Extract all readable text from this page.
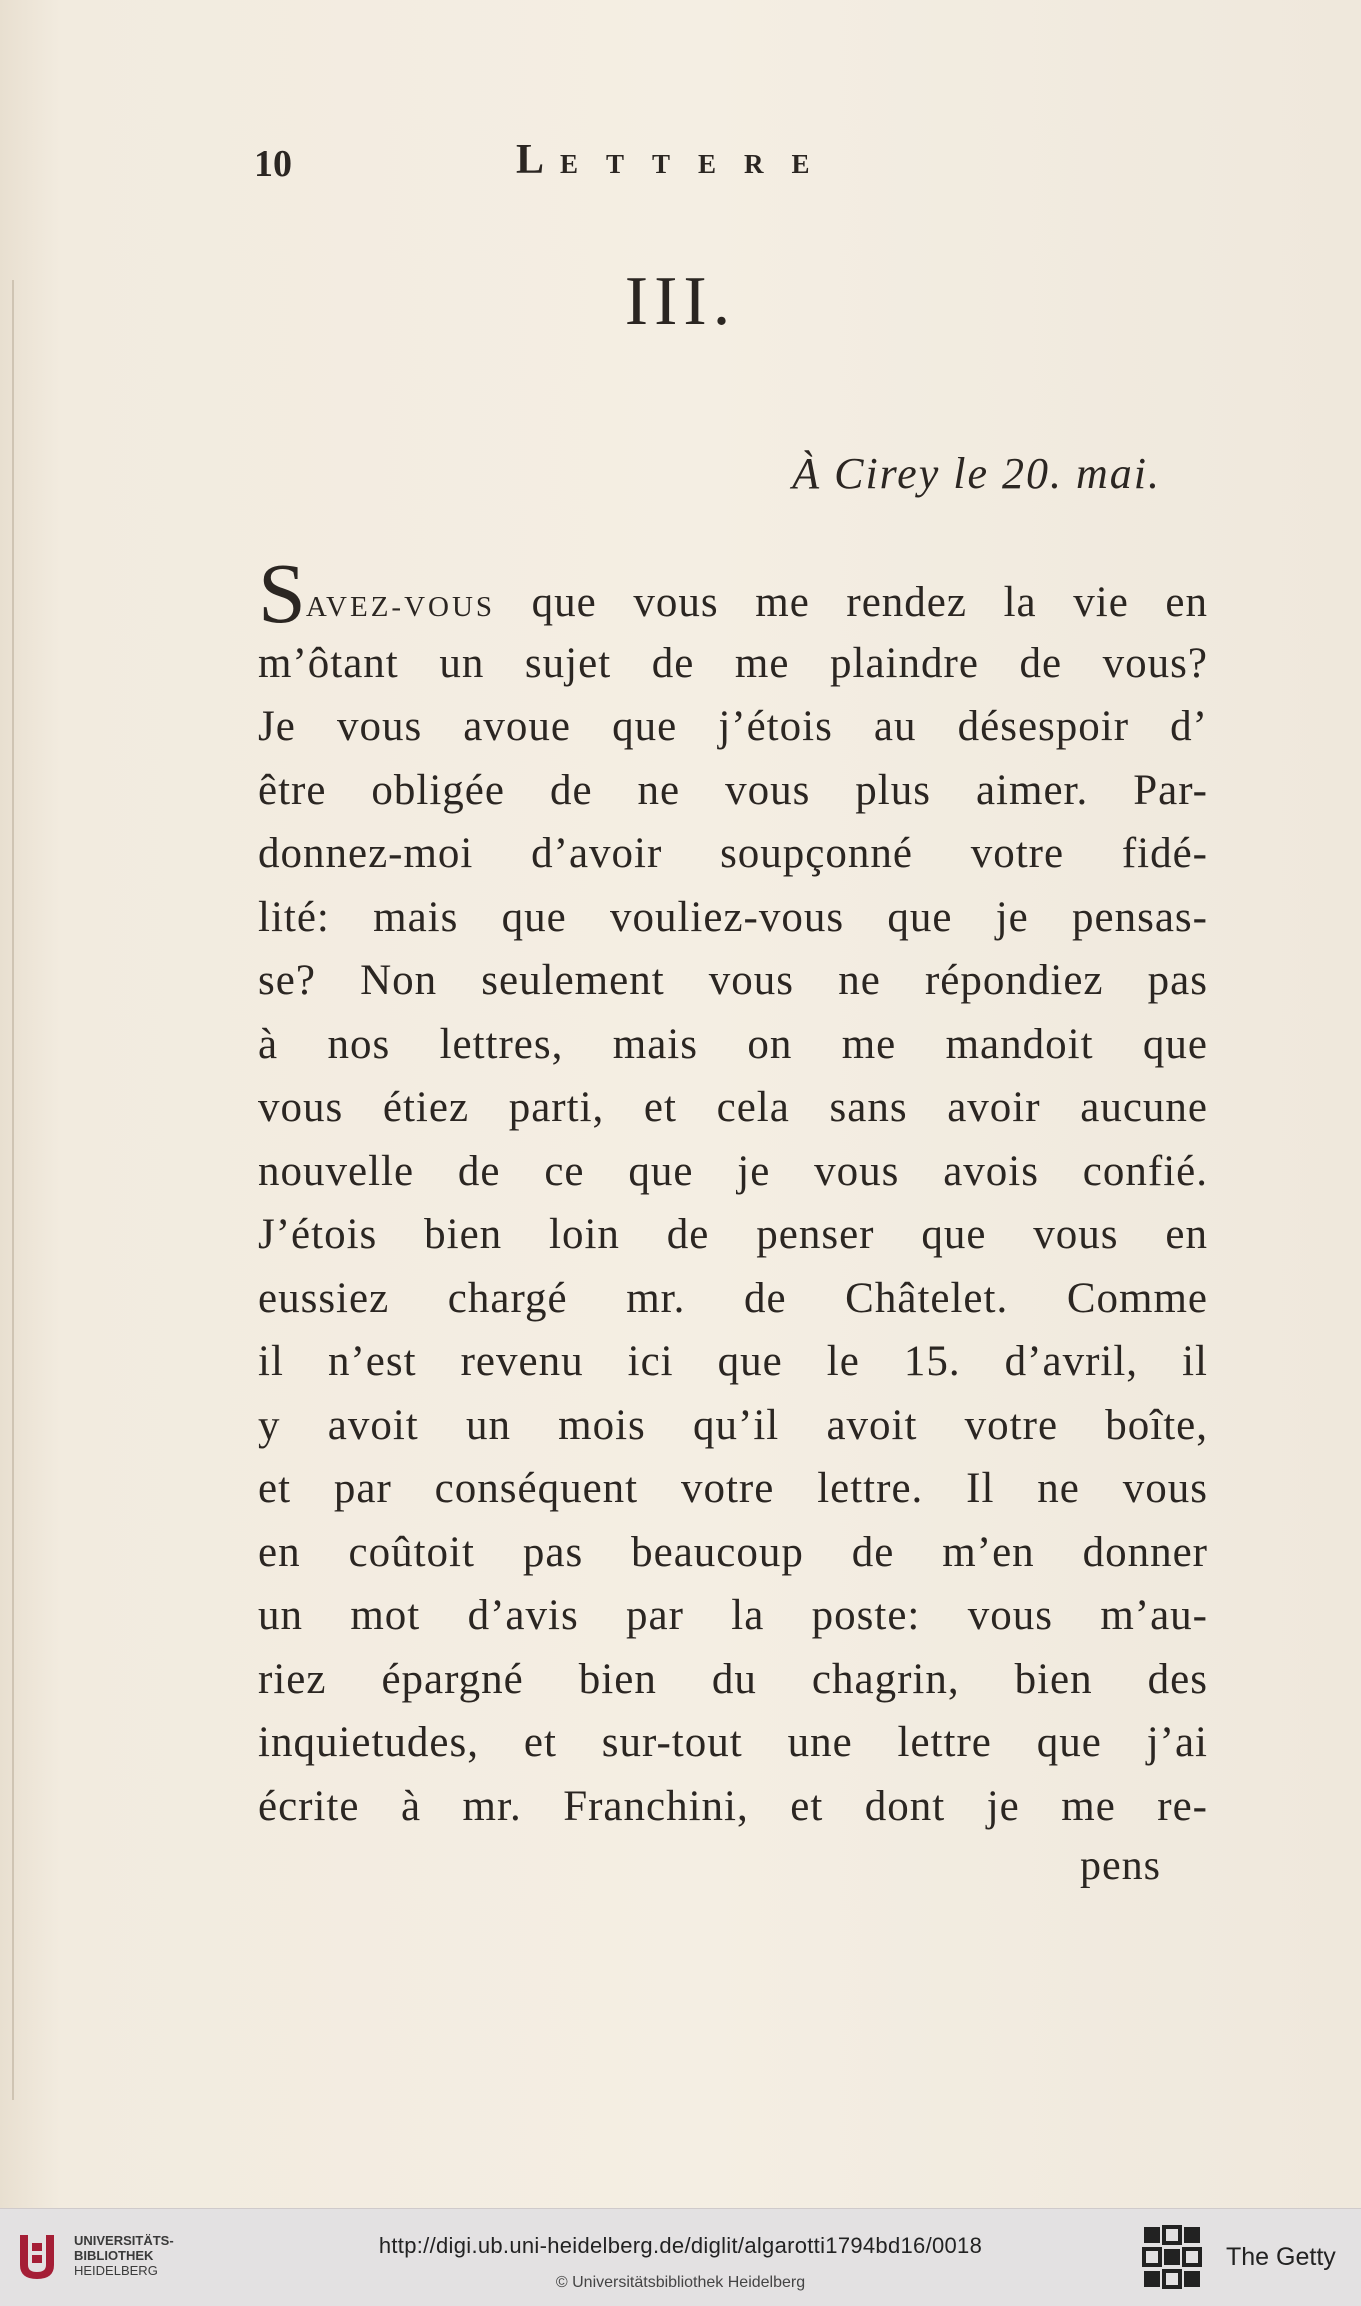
10	LETTERE
III.
À Cirey le 20. mai.
SAVEZ-VOUS que vous me rendez la vie en
m’ôtant un sujet de me plaindre de vous?
Je vous avoue que j’étois au désespoir d’
être obligée de ne vous plus aimer. Par-
donnez-moi d’avoir soupçonné votre fidé-
lité: mais que vouliez-vous que je pensas-
se? Non seulement vous ne répondiez pas
à nos lettres, mais on me mandoit que
vous étiez parti, et cela sans avoir aucune
nouvelle de ce que je vous avois confié.
J’étois bien loin de penser que vous en
eussiez chargé mr. de Châtelet. Comme
il n’est revenu ici que le 15. d’avril, il
y avoit un mois qu’il avoit votre boîte,
et par conséquent votre lettre. Il ne vous
en coûtoit pas beaucoup de m’en donner
un mot d’avis par la poste: vous m’au-
riez épargné bien du chagrin, bien des
inquietudes, et sur-tout une lettre que j’ai
écrite à mr. Franchini, et dont je me re-
pens
UNIVERSITÄTS-
BIBLIOTHEK
HEIDELBERG
http://digi.ub.uni-heidelberg.de/diglit/algarotti1794bd16/0018
© Universitätsbibliothek Heidelberg
The Getty
